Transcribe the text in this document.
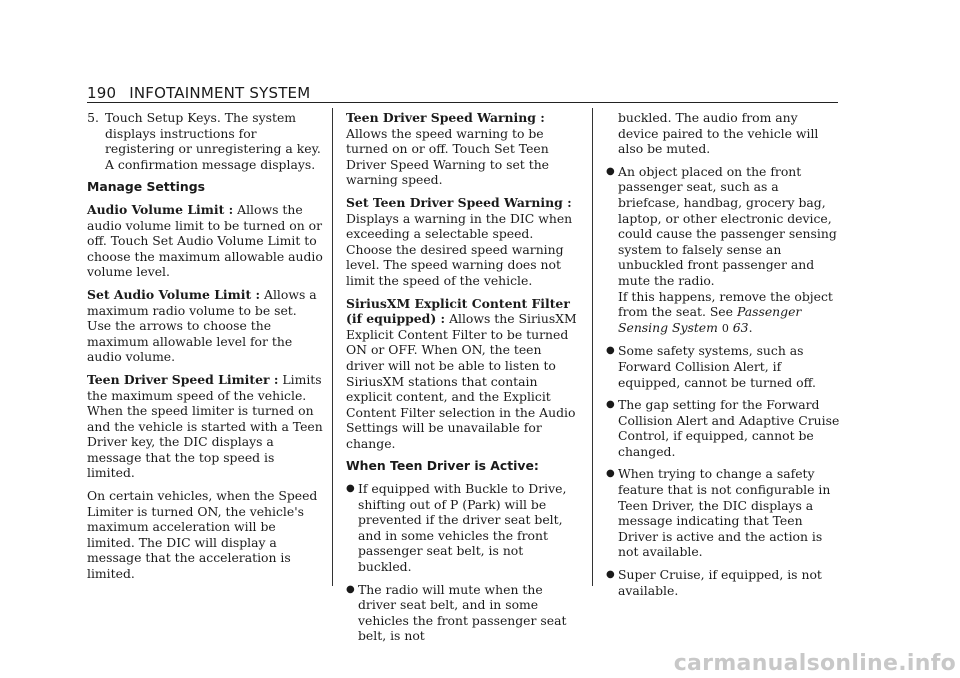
190 INFOTAINMENT SYSTEM
5. Touch Setup Keys. The system displays instructions for registering or unregistering a key.
A confirmation message displays.
Manage Settings

Audio Volume Limit : Allows the audio volume limit to be turned on or off. Touch Set Audio Volume Limit to choose the maximum allowable audio volume level.

Set Audio Volume Limit : Allows a maximum radio volume to be set. Use the arrows to choose the maximum allowable level for the audio volume.

Teen Driver Speed Limiter : Limits the maximum speed of the vehicle. When the speed limiter is turned on and the vehicle is started with a Teen Driver key, the DIC displays a message that the top speed is limited.

On certain vehicles, when the Speed Limiter is turned ON, the vehicle's maximum acceleration will be limited. The DIC will display a message that the acceleration is limited.

Teen Driver Speed Warning : Allows the speed warning to be turned on or off. Touch Set Teen Driver Speed Warning to set the warning speed.

Set Teen Driver Speed Warning : Displays a warning in the DIC when exceeding a selectable speed. Choose the desired speed warning level. The speed warning does not limit the speed of the vehicle.

SiriusXM Explicit Content Filter (if equipped) : Allows the SiriusXM Explicit Content Filter to be turned ON or OFF. When ON, the teen driver will not be able to listen to SiriusXM stations that contain explicit content, and the Explicit Content Filter selection in the Audio Settings will be unavailable for change.

When Teen Driver is Active:
● If equipped with Buckle to Drive, shifting out of P (Park) will be prevented if the driver seat belt, and in some vehicles the front passenger seat belt, is not buckled.
● The radio will mute when the driver seat belt, and in some vehicles the front passenger seat belt, is not
buckled. The audio from any device paired to the vehicle will also be muted.
● An object placed on the front passenger seat, such as a briefcase, handbag, grocery bag, laptop, or other electronic device, could cause the passenger sensing system to falsely sense an unbuckled front passenger and mute the radio.
If this happens, remove the object from the seat. See Passenger Sensing System 0 63.
● Some safety systems, such as Forward Collision Alert, if equipped, cannot be turned off.
● The gap setting for the Forward Collision Alert and Adaptive Cruise Control, if equipped, cannot be changed.
● When trying to change a safety feature that is not configurable in Teen Driver, the DIC displays a message indicating that Teen Driver is active and the action is not available.
● Super Cruise, if equipped, is not available.
carmanualsonline.info
